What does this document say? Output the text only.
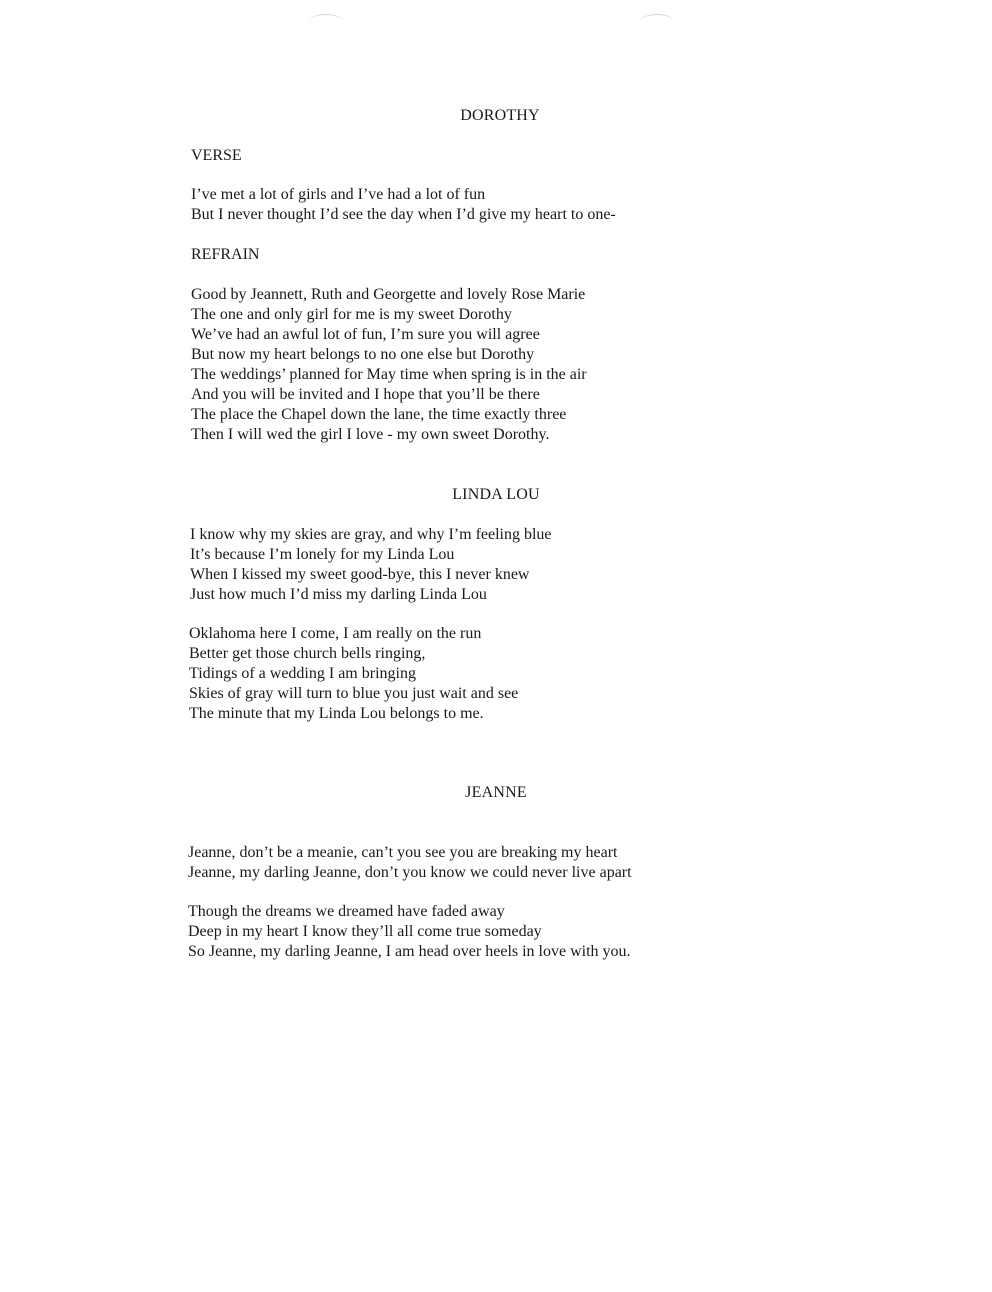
DOROTHY
VERSE
I’ve met a lot of girls and I’ve had a lot of fun
But I never thought I’d see the day when I’d give my heart to one-
REFRAIN
Good by Jeannett, Ruth and Georgette and lovely Rose Marie
The one and only girl for me is my sweet Dorothy
We’ve had an awful lot of fun, I’m sure you will agree
But now my heart belongs to no one else but Dorothy
The weddings’ planned for May time when spring is in the air
And you will be invited and I hope that you’ll be there
The place the Chapel down the lane, the time exactly three
Then I will wed the girl I love - my own sweet Dorothy.
LINDA LOU
I know why my skies are gray, and why I’m feeling blue
It’s because I’m lonely for my Linda Lou
When I kissed my sweet good-bye, this I never knew
Just how much I’d miss my darling Linda Lou
Oklahoma here I come, I am really on the run
Better get those church bells ringing,
Tidings of a wedding I am bringing
Skies of gray will turn to blue you just wait and see
The minute that my Linda Lou belongs to me.
JEANNE
Jeanne, don’t be a meanie, can’t you see you are breaking my heart
Jeanne, my darling Jeanne, don’t you know we could never live apart
Though the dreams we dreamed have faded away
Deep in my heart I know they’ll all come true someday
So Jeanne, my darling Jeanne, I am head over heels in love with you.
